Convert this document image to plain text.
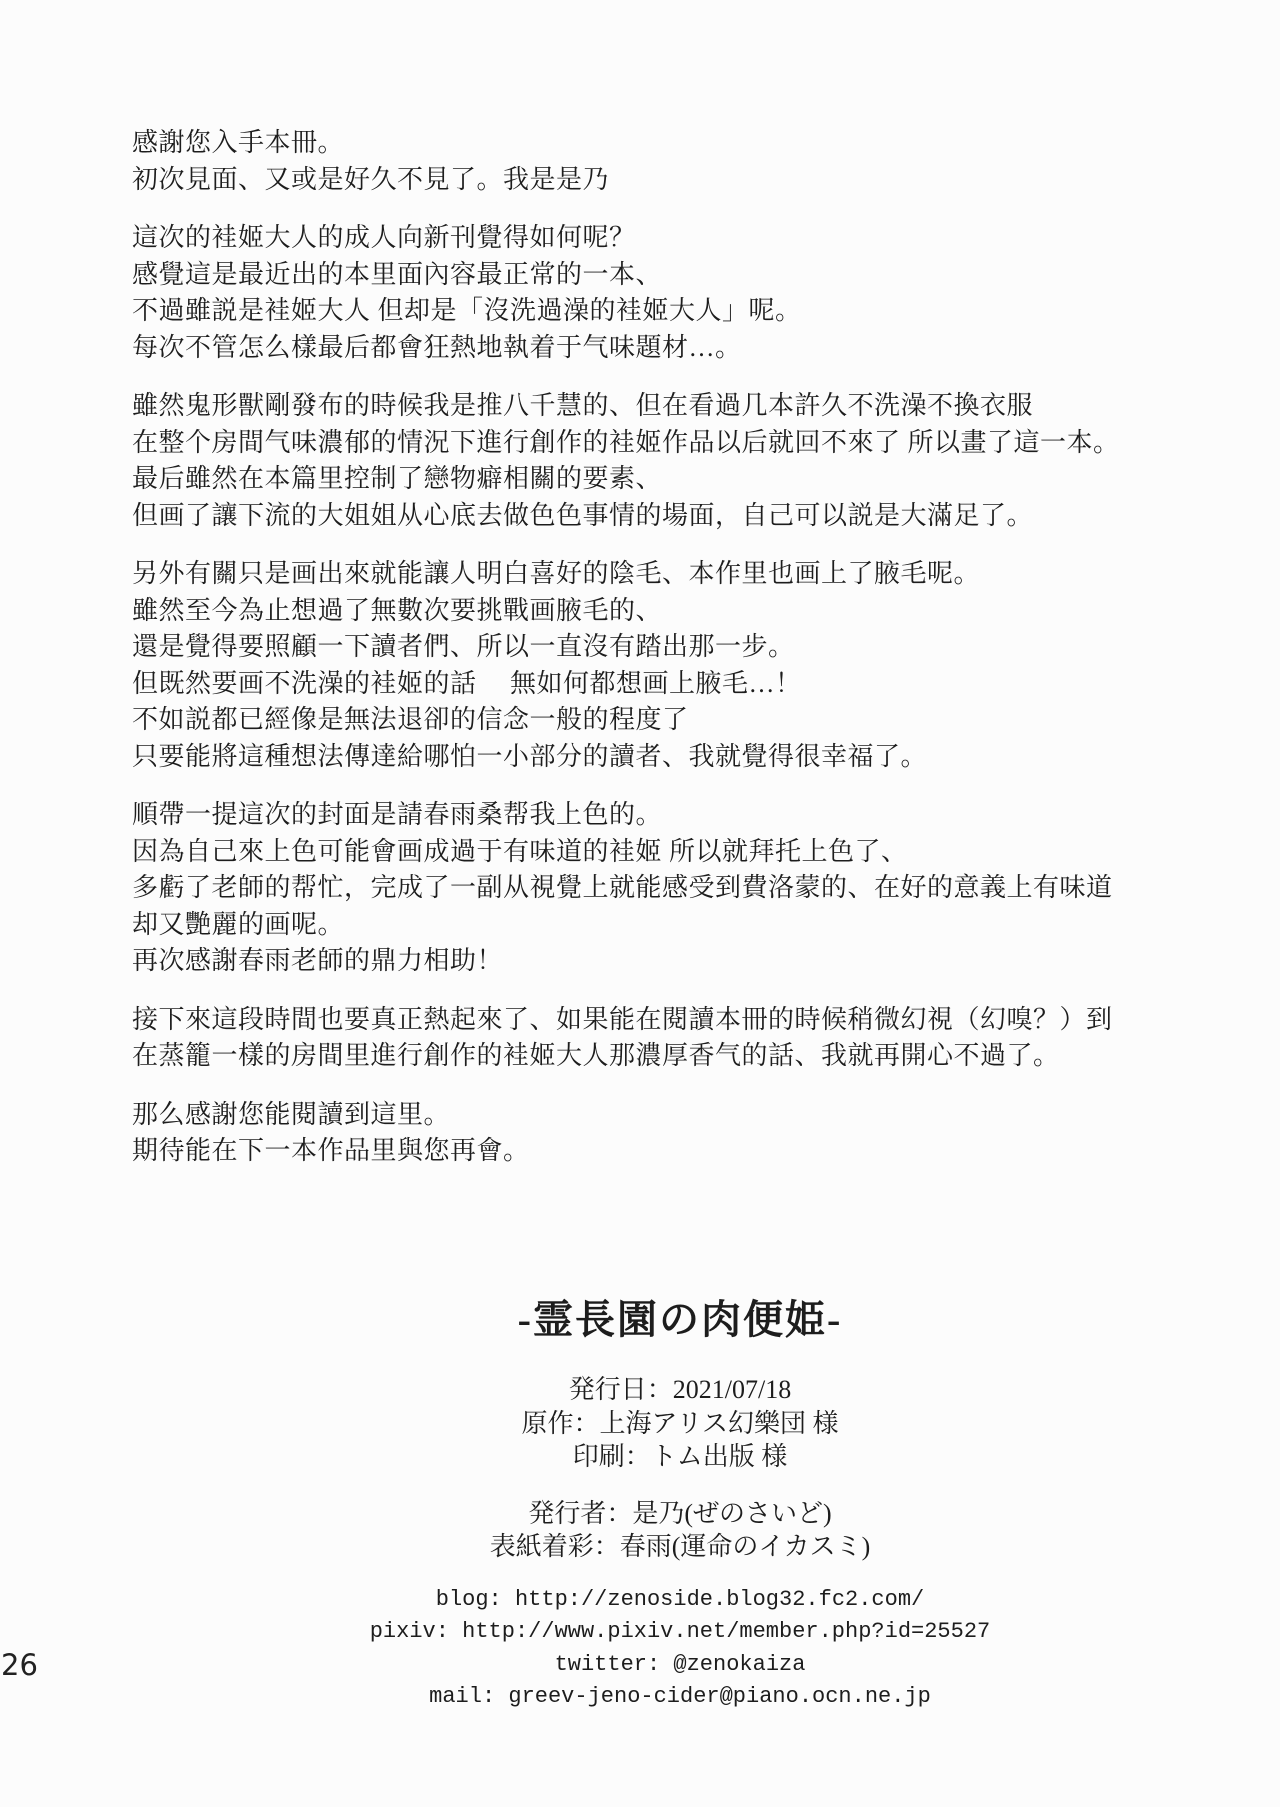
感謝您入手本冊。
初次見面、又或是好久不見了。我是是乃

這次的袿姬大人的成人向新刊覺得如何呢？
感覺這是最近出的本里面內容最正常的一本、
不過雖説是袿姬大人 但却是「沒洗過澡的袿姬大人」呢。
每次不管怎么樣最后都會狂熱地執着于气味題材…。

雖然鬼形獸剛發布的時候我是推八千慧的、但在看過几本許久不洗澡不換衣服
在整个房間气味濃郁的情況下進行創作的袿姬作品以后就回不來了 所以畫了這一本。
最后雖然在本篇里控制了戀物癖相關的要素、
但画了讓下流的大姐姐从心底去做色色事情的場面，自己可以説是大滿足了。

另外有關只是画出來就能讓人明白喜好的陰毛、本作里也画上了腋毛呢。
雖然至今為止想過了無數次要挑戰画腋毛的、
還是覺得要照顧一下讀者們、所以一直沒有踏出那一步。
但既然要画不洗澡的袿姬的話　 無如何都想画上腋毛…！
不如説都已經像是無法退卻的信念一般的程度了
只要能將這種想法傳達給哪怕一小部分的讀者、我就覺得很幸福了。

順帶一提這次的封面是請春雨桑帮我上色的。
因為自己來上色可能會画成過于有味道的袿姬 所以就拜托上色了、
多虧了老師的帮忙，完成了一副从視覺上就能感受到費洛蒙的、在好的意義上有味道
却又艷麗的画呢。
再次感謝春雨老師的鼎力相助！

接下來這段時間也要真正熱起來了、如果能在閱讀本冊的時候稍微幻視（幻嗅？）到
在蒸籠一樣的房間里進行創作的袿姬大人那濃厚香气的話、我就再開心不過了。

那么感謝您能閱讀到這里。
期待能在下一本作品里與您再會。

-霊長園の肉便姫-
発行日：2021/07/18
原作：上海アリス幻樂団 様
印刷：トム出版 様
発行者：是乃(ぜのさいど)
表紙着彩：春雨(運命のイカスミ)
blog: http://zenoside.blog32.fc2.com/
pixiv: http://www.pixiv.net/member.php?id=25527
twitter: @zenokaiza
mail: greev-jeno-cider@piano.ocn.ne.jp
26
